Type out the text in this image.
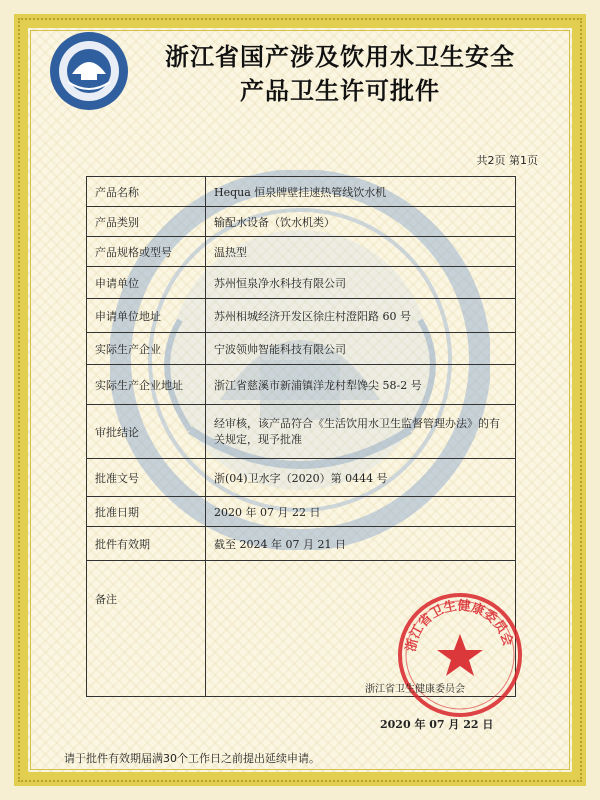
浙江省国产涉及饮用水卫生安全
产品卫生许可批件
共2页 第1页
产品名称	Hequa 恒泉牌壁挂速热管线饮水机
产品类别	输配水设备（饮水机类）
产品规格或型号	温热型
申请单位	苏州恒泉净水科技有限公司
申请单位地址	苏州相城经济开发区徐庄村澄阳路 60 号
实际生产企业	宁波领帅智能科技有限公司
实际生产企业地址	浙江省慈溪市新浦镇洋龙村犁馋尖 58-2 号
审批结论	经审核，该产品符合《生活饮用水卫生监督管理办法》的有关规定，现予批准
批准文号	浙(04)卫水字（2020）第 0444 号
批准日期	2020 年 07 月 22 日
批件有效期	截至 2024 年 07 月 21 日
备注	
浙江省卫生健康委员会
浙江省卫生健康委员会
2020 年 07 月 22 日
请于批件有效期届满30个工作日之前提出延续申请。
